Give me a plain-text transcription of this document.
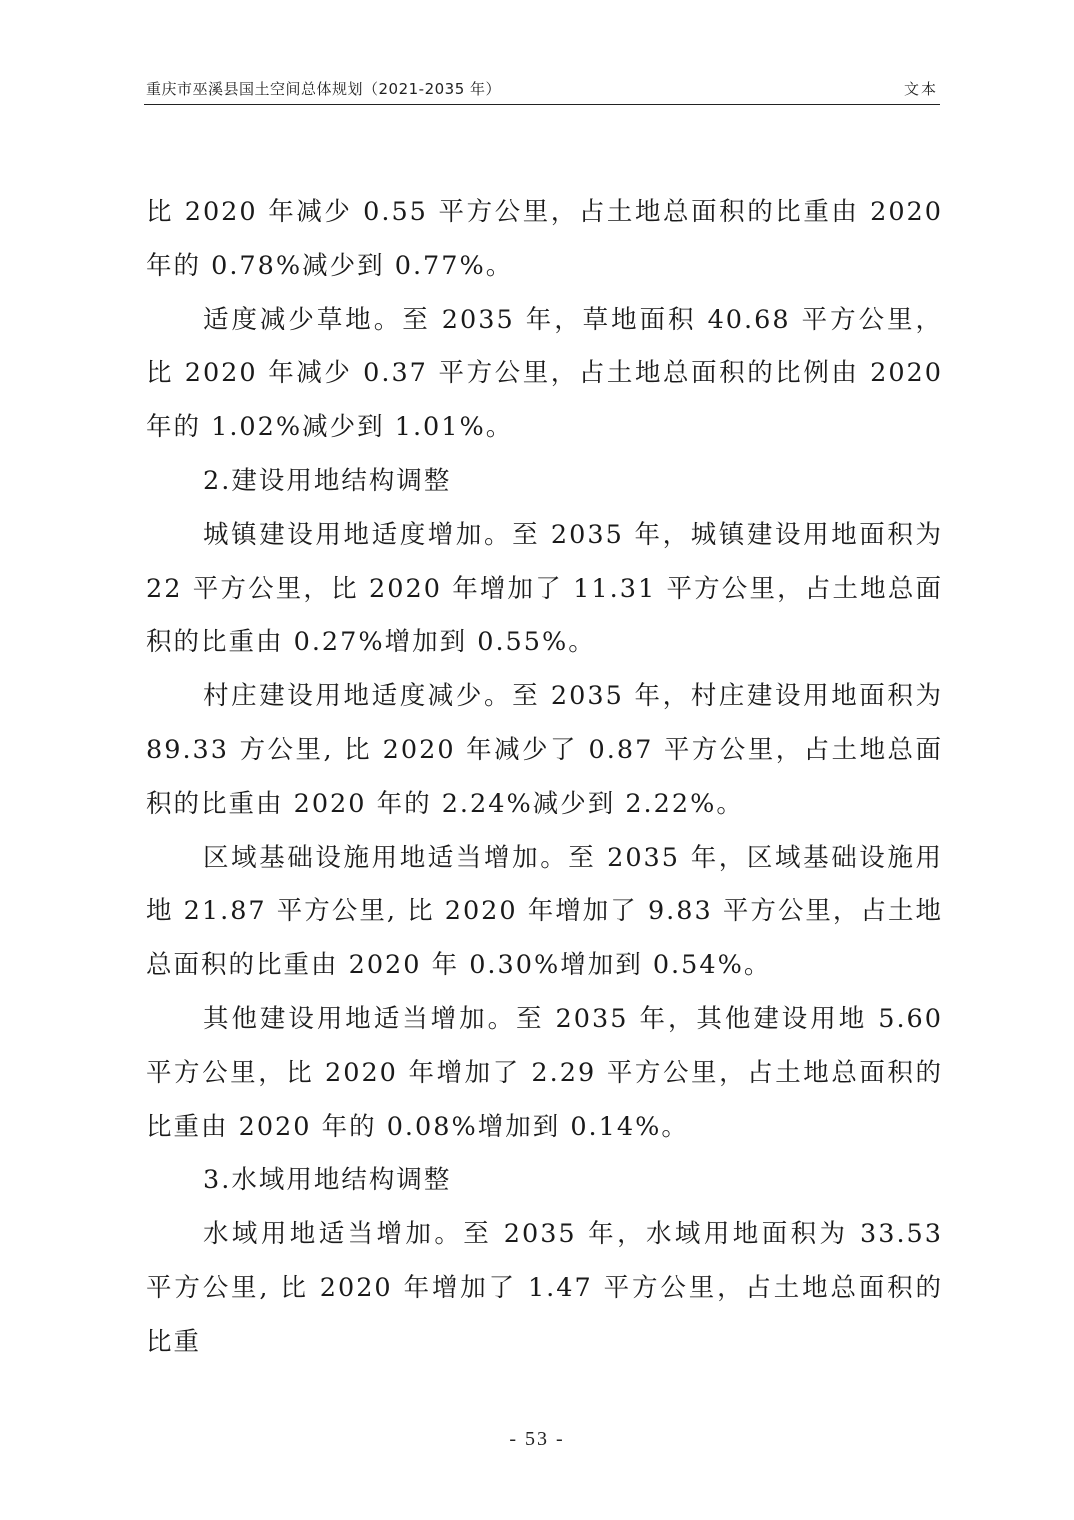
重庆市巫溪县国土空间总体规划（2021-2035 年）	文本

比 2020 年减少 0.55 平方公里，占土地总面积的比重由 2020 年的 0.78%减少到 0.77%。

适度减少草地。至 2035 年，草地面积 40.68 平方公里，比 2020 年减少 0.37 平方公里，占土地总面积的比例由 2020 年的 1.02%减少到 1.01%。

2.建设用地结构调整

城镇建设用地适度增加。至 2035 年，城镇建设用地面积为 22 平方公里，比 2020 年增加了 11.31 平方公里，占土地总面积的比重由 0.27%增加到 0.55%。

村庄建设用地适度减少。至 2035 年，村庄建设用地面积为 89.33 方公里, 比 2020 年减少了 0.87 平方公里，占土地总面积的比重由 2020 年的 2.24%减少到 2.22%。

区域基础设施用地适当增加。至 2035 年，区域基础设施用地 21.87 平方公里, 比 2020 年增加了 9.83 平方公里，占土地总面积的比重由 2020 年 0.30%增加到 0.54%。

其他建设用地适当增加。至 2035 年，其他建设用地 5.60 平方公里，比 2020 年增加了 2.29 平方公里，占土地总面积的比重由 2020 年的 0.08%增加到 0.14%。

3.水域用地结构调整

水域用地适当增加。至 2035 年，水域用地面积为 33.53 平方公里, 比 2020 年增加了 1.47 平方公里，占土地总面积的比重

- 53 -
